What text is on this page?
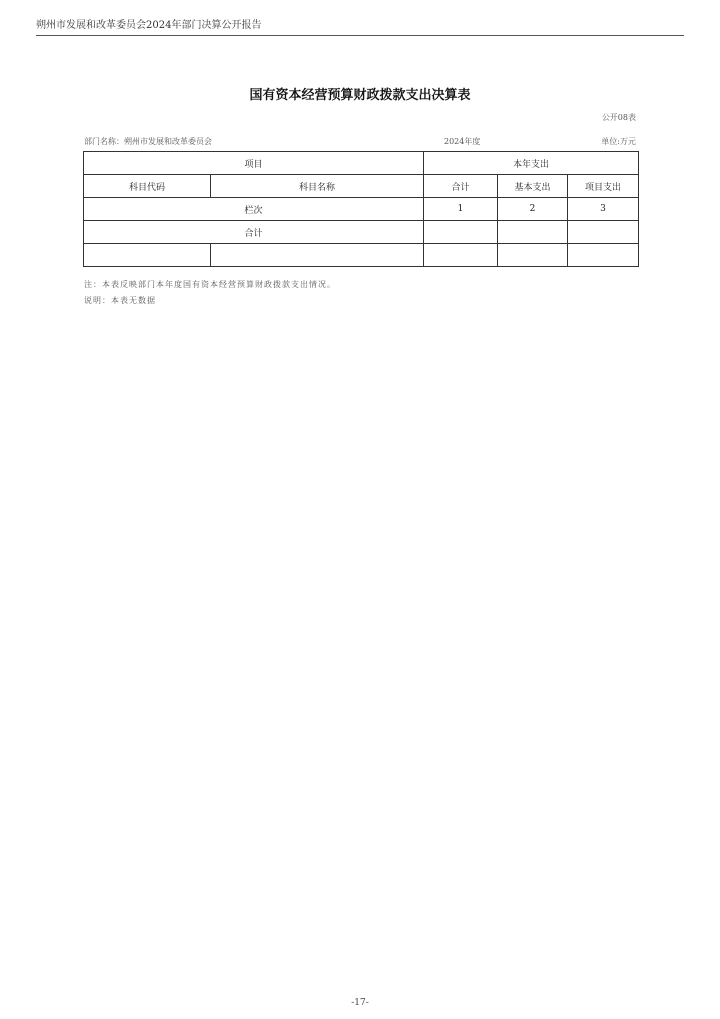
朔州市发展和改革委员会2024年部门决算公开报告
国有资本经营预算财政拨款支出决算表
公开08表
部门名称：朔州市发展和改革委员会	2024年度	单位:万元
项目		本年支出		
科目代码	科目名称	合计	基本支出	项目支出
栏次		1	2	3
合计				

注：本表反映部门本年度国有资本经营预算财政拨款支出情况。
说明：本表无数据
-17-
